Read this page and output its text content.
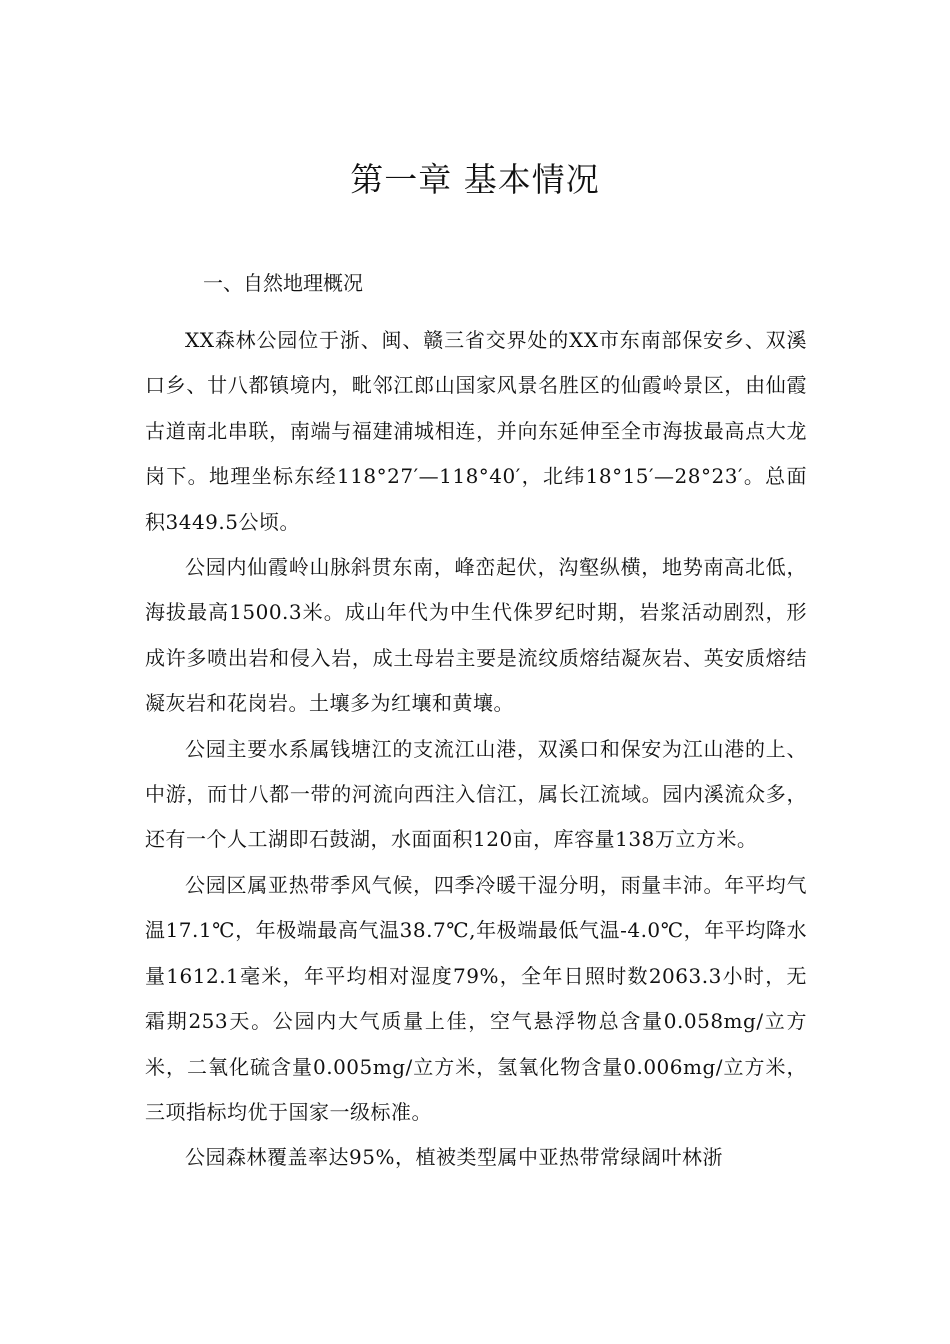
第一章 基本情况
一、自然地理概况

XX森林公园位于浙、闽、赣三省交界处的XX市东南部保安乡、双溪口乡、廿八都镇境内，毗邻江郎山国家风景名胜区的仙霞岭景区，由仙霞古道南北串联，南端与福建浦城相连，并向东延伸至全市海拔最高点大龙岗下。地理坐标东经118°27′—118°40′，北纬18°15′—28°23′。总面积3449.5公顷。

公园内仙霞岭山脉斜贯东南，峰峦起伏，沟壑纵横，地势南高北低，海拔最高1500.3米。成山年代为中生代侏罗纪时期，岩浆活动剧烈，形成许多喷出岩和侵入岩，成土母岩主要是流纹质熔结凝灰岩、英安质熔结凝灰岩和花岗岩。土壤多为红壤和黄壤。

公园主要水系属钱塘江的支流江山港，双溪口和保安为江山港的上、中游，而廿八都一带的河流向西注入信江，属长江流域。园内溪流众多，还有一个人工湖即石鼓湖，水面面积120亩，库容量138万立方米。

公园区属亚热带季风气候，四季冷暖干湿分明，雨量丰沛。年平均气温17.1℃，年极端最高气温38.7℃,年极端最低气温-4.0℃，年平均降水量1612.1毫米，年平均相对湿度79%，全年日照时数2063.3小时，无霜期253天。公园内大气质量上佳，空气悬浮物总含量0.058mg/立方米，二氧化硫含量0.005mg/立方米，氢氧化物含量0.006mg/立方米，三项指标均优于国家一级标准。

公园森林覆盖率达95%，植被类型属中亚热带常绿阔叶林浙
